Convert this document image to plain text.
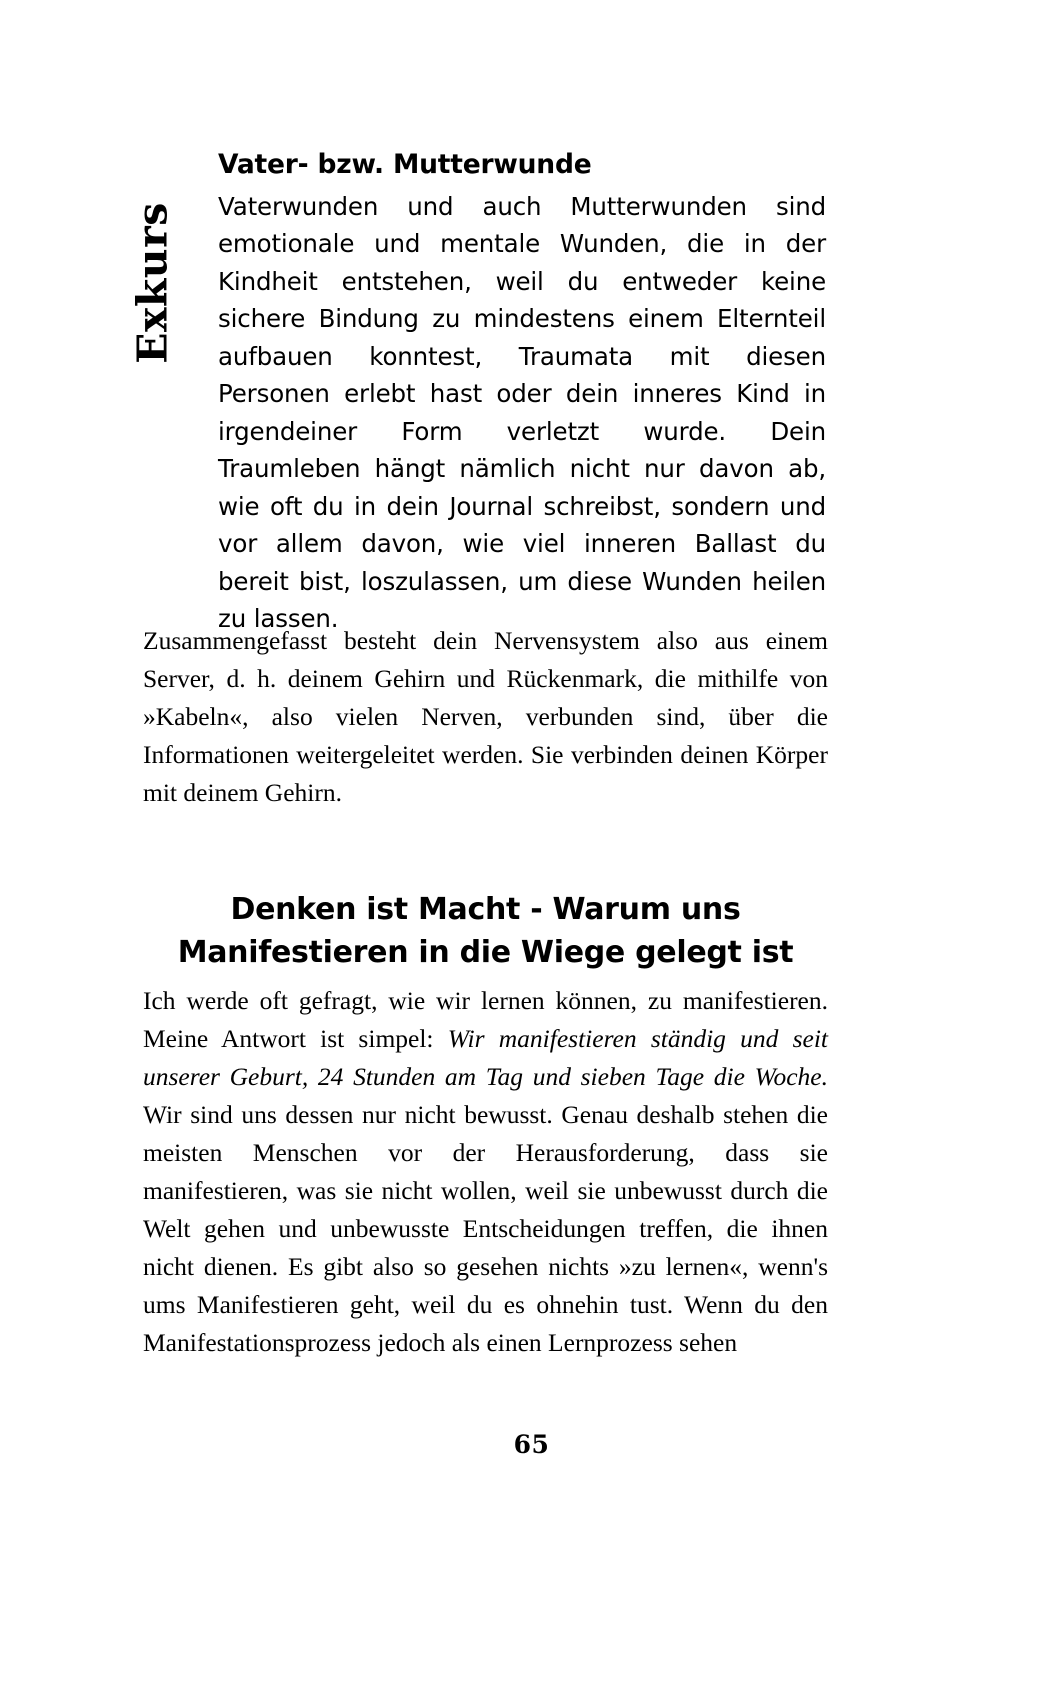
Exkurs
Vater- bzw. Mutterwunde

Vaterwunden und auch Mutterwunden sind emotionale und mentale Wunden, die in der Kindheit entstehen, weil du entweder keine sichere Bindung zu mindestens einem Elternteil aufbauen konntest, Traumata mit diesen Personen erlebt hast oder dein inneres Kind in irgendeiner Form verletzt wurde. Dein Traumleben hängt nämlich nicht nur davon ab, wie oft du in dein Journal schreibst, sondern und vor allem davon, wie viel inneren Ballast du bereit bist, loszulassen, um diese Wunden heilen zu lassen.

Zusammengefasst besteht dein Nervensystem also aus einem Server, d. h. deinem Gehirn und Rückenmark, die mithilfe von »Kabeln«, also vielen Nerven, verbunden sind, über die Informationen weitergeleitet werden. Sie verbinden deinen Körper mit deinem Gehirn.

Denken ist Macht - Warum uns
Manifestieren in die Wiege gelegt ist

Ich werde oft gefragt, wie wir lernen können, zu manifestieren. Meine Antwort ist simpel: Wir manifestieren ständig und seit unserer Geburt, 24 Stunden am Tag und sieben Tage die Woche. Wir sind uns dessen nur nicht bewusst. Genau deshalb stehen die meisten Menschen vor der Herausforderung, dass sie manifestieren, was sie nicht wollen, weil sie unbewusst durch die Welt gehen und unbewusste Entscheidungen treffen, die ihnen nicht dienen. Es gibt also so gesehen nichts »zu lernen«, wenn's ums Manifestieren geht, weil du es ohnehin tust. Wenn du den Manifestationsprozess jedoch als einen Lernprozess sehen

65
